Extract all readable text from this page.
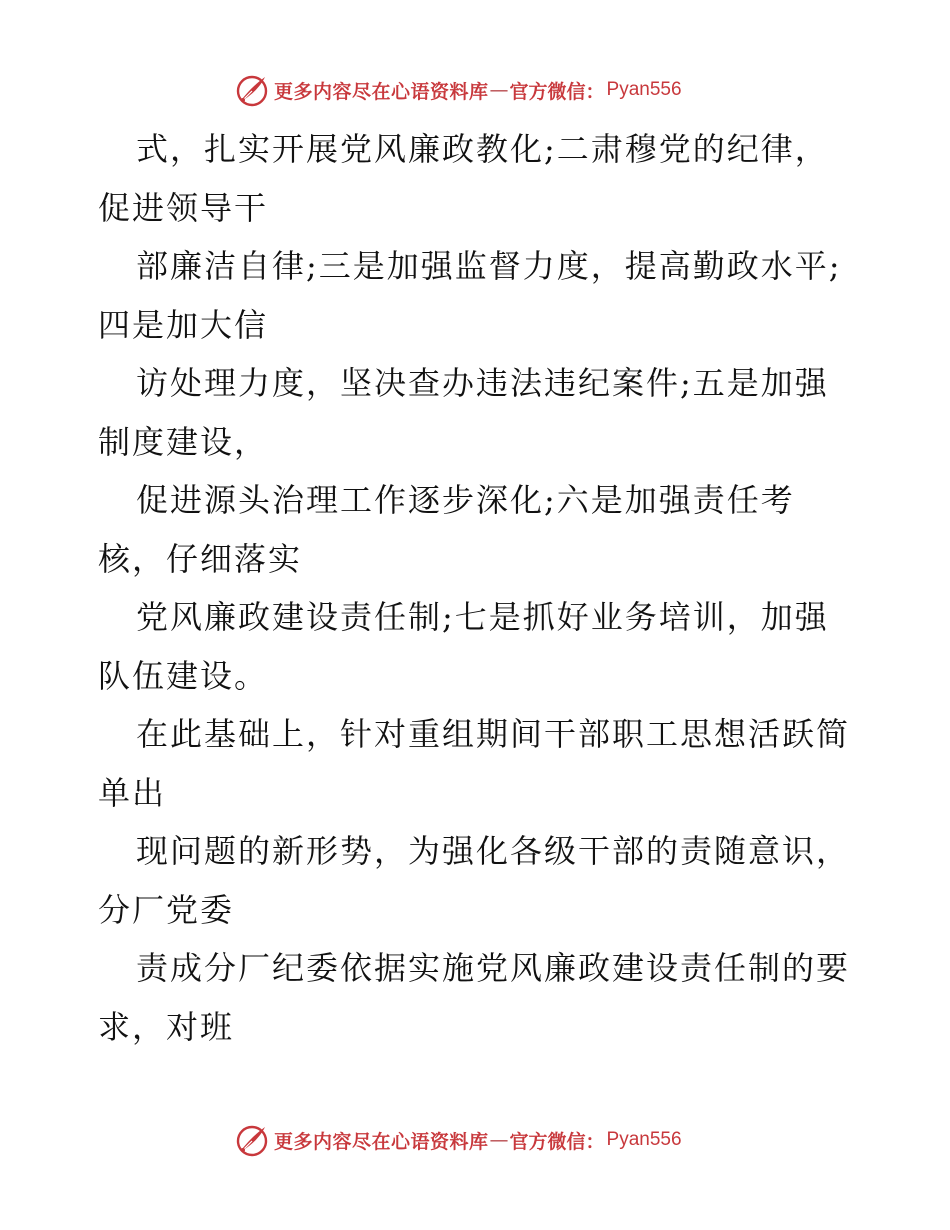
更多内容尽在心语资料库 — 官方微信： Pyan556
式，扎实开展党风廉政教化;二肃穆党的纪律，
促进领导干
部廉洁自律;三是加强监督力度，提高勤政水平;
四是加大信
访处理力度，坚决查办违法违纪案件;五是加强
制度建设，
促进源头治理工作逐步深化;六是加强责任考
核，仔细落实
党风廉政建设责任制;七是抓好业务培训，加强
队伍建设。
在此基础上，针对重组期间干部职工思想活跃简
单出
现问题的新形势，为强化各级干部的责随意识，
分厂党委
责成分厂纪委依据实施党风廉政建设责任制的要
求，对班
更多内容尽在心语资料库 — 官方微信： Pyan556
